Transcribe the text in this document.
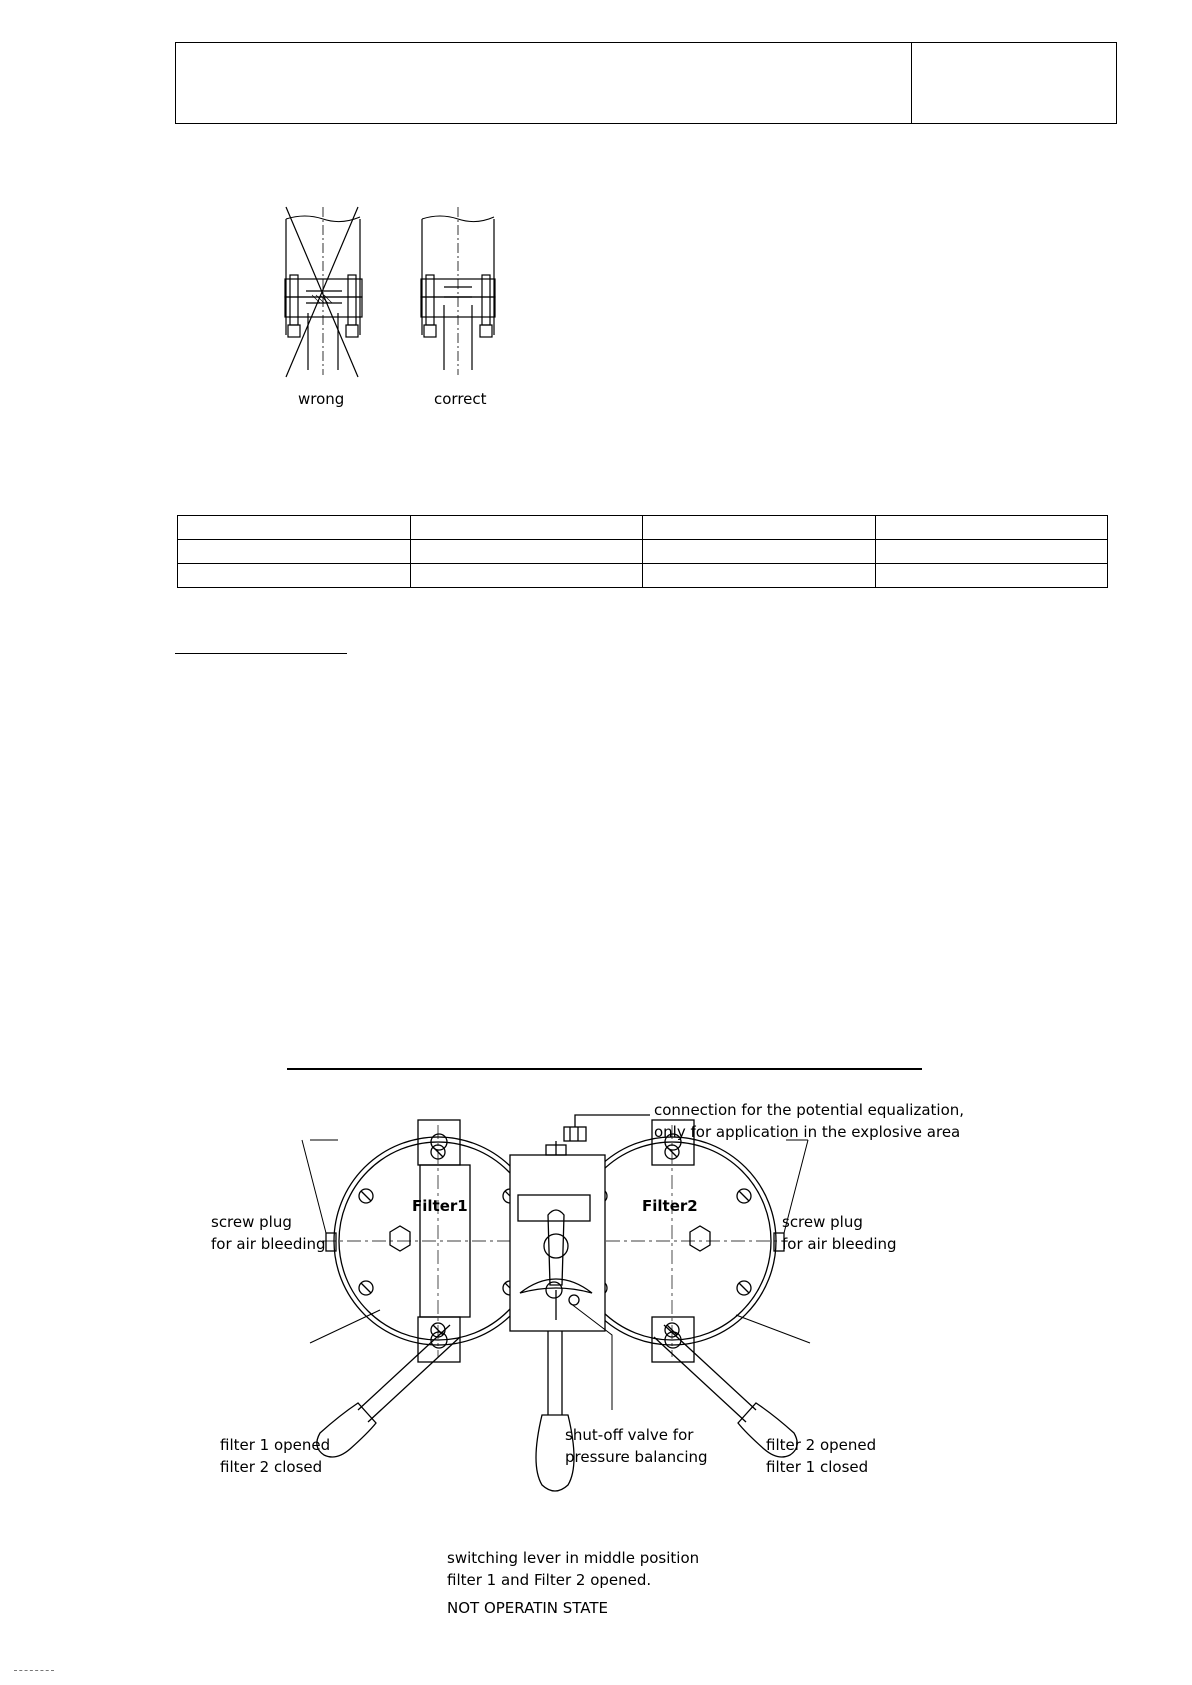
wrong	correct

Filter1	Filter2
connection for the potential equalization,
only for application in the explosive area
screw plug
for air bleeding
screw plug
for air bleeding
filter 1 opened
filter 2 closed
shut-off valve for
pressure balancing
filter 2 opened
filter 1 closed
switching lever in middle position
filter 1 and Filter 2 opened.
NOT OPERATIN STATE
